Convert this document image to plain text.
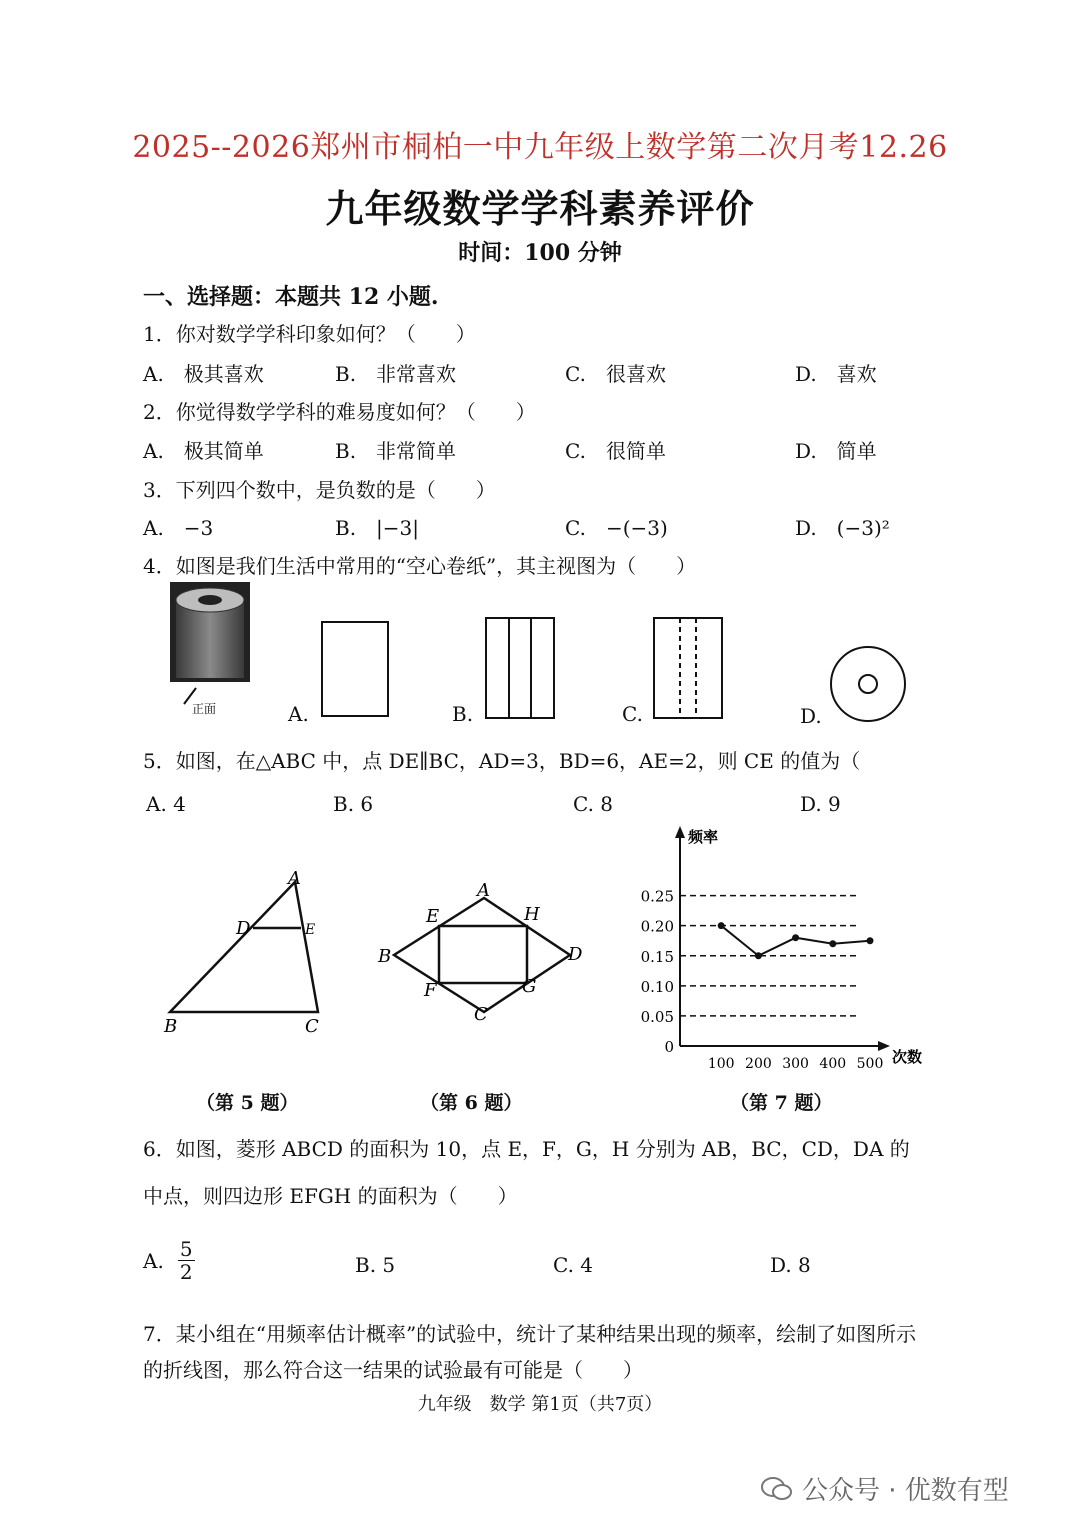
2025--2026郑州市桐柏一中九年级上数学第二次月考12.26
九年级数学学科素养评价
时间：100 分钟
一、选择题：本题共 12 小题.
1．你对数学学科印象如何？（　　）
A.　极其喜欢	B.　非常喜欢	C.　很喜欢	D.　喜欢
2．你觉得数学学科的难易度如何？（　　）
A.　极其简单	B.　非常简单	C.　很简单	D.　简单
3．下列四个数中，是负数的是（　　）
A.　−3	B.　|−3|	C.　−(−3)	D.　(−3)²
4．如图是我们生活中常用的“空心卷纸”，其主视图为（　　）
正面	A.	B.	C.	D.
5．如图，在△ABC 中，点 DE∥BC，AD=3，BD=6，AE=2，则 CE 的值为（
A. 4	B. 6	C. 8	D. 9
A
D	E
B	C
（第 5 题）
A
B
C
D
E
F	G
H
（第 6 题）
0
0.05
0.10
0.15
0.20
0.25
100 200 300 400 500
频率
次数
（第 7 题）
6．如图，菱形 ABCD 的面积为 10，点 E，F，G，H 分别为 AB，BC，CD，DA 的
中点，则四边形 EFGH 的面积为（　　）
A. $\frac{5}{2}$	B. 5	C. 4	D. 8
7．某小组在“用频率估计概率”的试验中，统计了某种结果出现的频率，绘制了如图所示
的折线图，那么符合这一结果的试验最有可能是（　　）
九年级　数学 第1页（共7页）
公众号 · 优数有型
